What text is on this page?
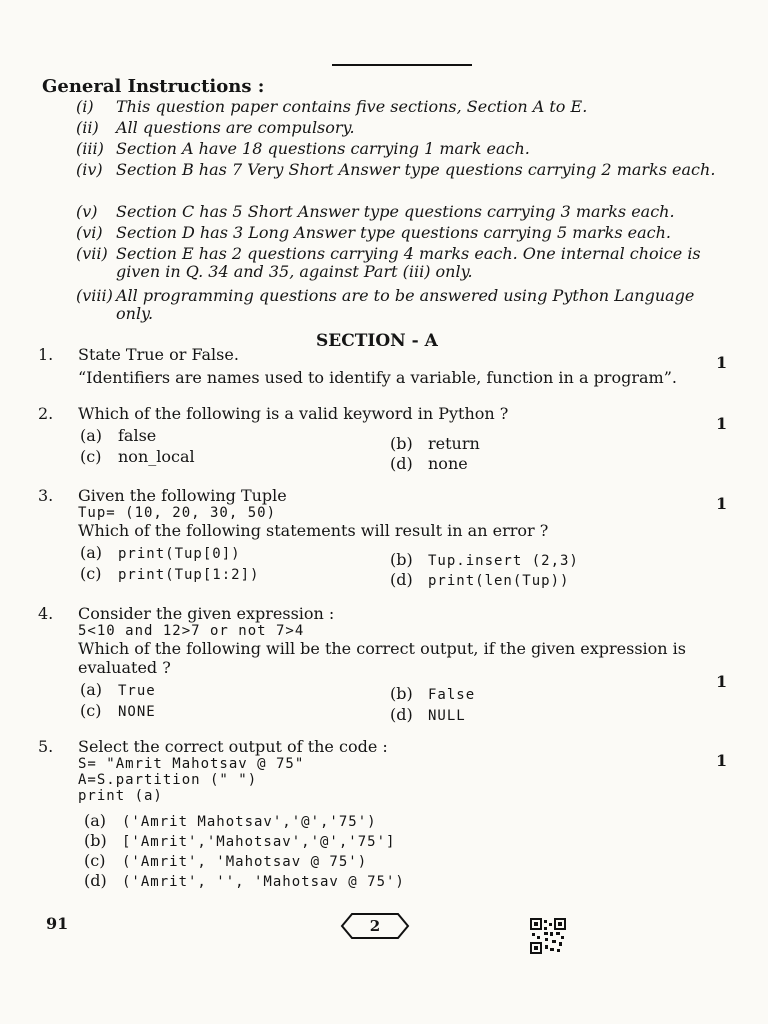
General Instructions :
(i) This question paper contains five sections, Section A to E.
(ii) All questions are compulsory.
(iii) Section A have 18 questions carrying 1 mark each.
(iv) Section B has 7 Very Short Answer type questions carrying 2 marks each.
(v) Section C has 5 Short Answer type questions carrying 3 marks each.
(vi) Section D has 3 Long Answer type questions carrying 5 marks each.
(vii) Section E has 2 questions carrying 4 marks each. One internal choice is given in Q. 34 and 35, against Part (iii) only.
(viii) All programming questions are to be answered using Python Language only.
SECTION - A
1.	State True or False.
“Identifiers are names used to identify a variable, function in a program”.
1
2.	Which of the following is a valid keyword in Python ?
1
(a) false	(b) return
(c) non_local	(d) none
3.	Given the following Tuple
Tup= (10, 20, 30, 50)
Which of the following statements will result in an error ?
1
(a) print(Tup[0])	(b) Tup.insert (2,3)
(c) print(Tup[1:2])	(d) print(len(Tup))
4.	Consider the given expression :
5<10 and 12>7 or not 7>4
Which of the following will be the correct output, if the given expression is evaluated ?
1
(a) True	(b) False
(c) NONE	(d) NULL
5.	Select the correct output of the code :
S= "Amrit Mahotsav @ 75"
A=S.partition (" ")
print (a)
1
(a) ('Amrit Mahotsav','@','75')
(b) ['Amrit','Mahotsav','@','75']
(c) ('Amrit', 'Mahotsav @ 75')
(d) ('Amrit', '', 'Mahotsav @ 75')
91	2
